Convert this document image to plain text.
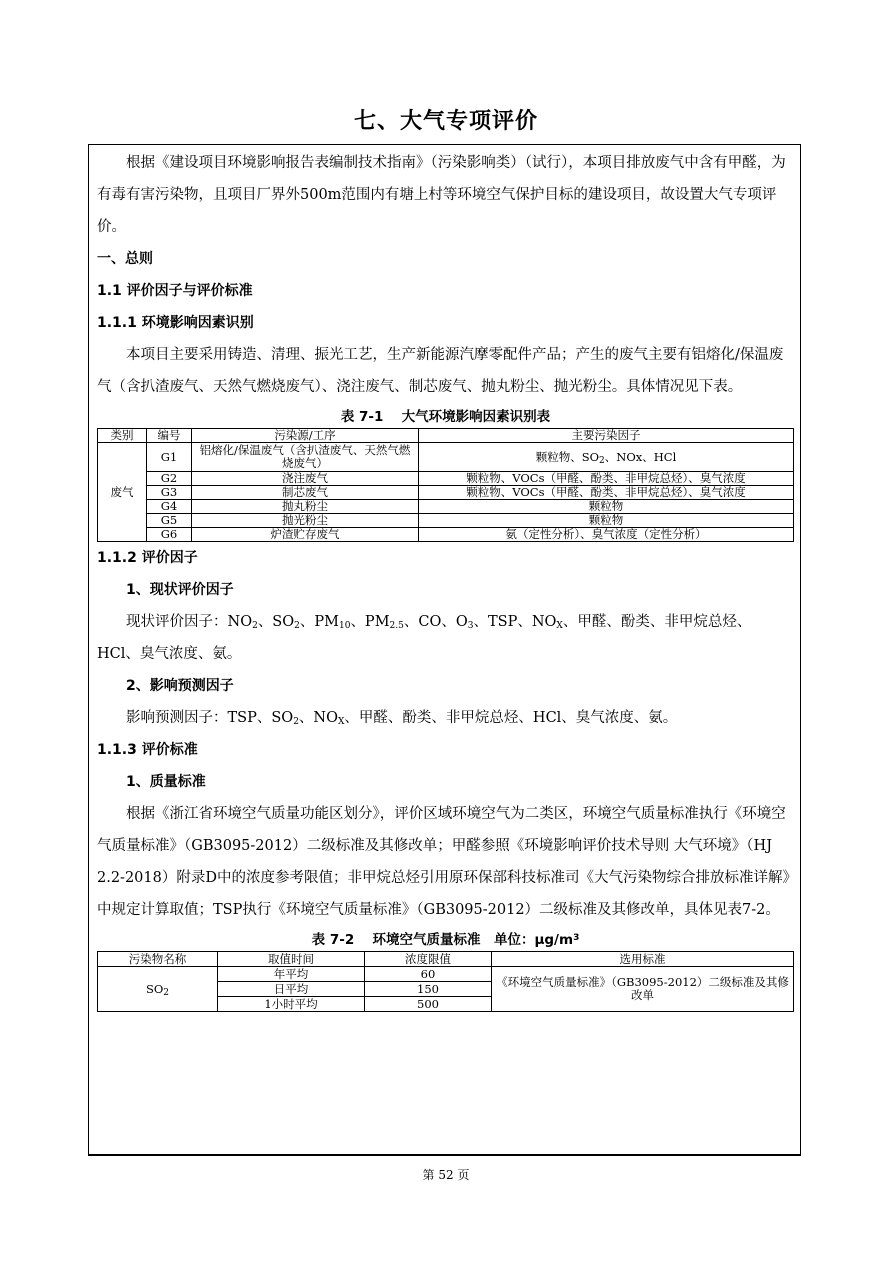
七、大气专项评价

根据《建设项目环境影响报告表编制技术指南》（污染影响类）（试行），本项目排放废气中含有甲醛，为有毒有害污染物，且项目厂界外500m范围内有塘上村等环境空气保护目标的建设项目，故设置大气专项评价。

一、总则

1.1 评价因子与评价标准

1.1.1 环境影响因素识别

本项目主要采用铸造、清理、振光工艺，生产新能源汽摩零配件产品；产生的废气主要有铝熔化/保温废气（含扒渣废气、天然气燃烧废气）、浇注废气、制芯废气、抛丸粉尘、抛光粉尘。具体情况见下表。

表 7-1　 大气环境影响因素识别表
类别	编号	污染源/工序	主要污染因子
废气	G1	铝熔化/保温废气（含扒渣废气、天然气燃烧废气）	颗粒物、$SO_2$、NOx、HCl
	G2	浇注废气	颗粒物、VOCs（甲醛、酚类、非甲烷总烃）、臭气浓度
	G3	制芯废气	颗粒物、VOCs（甲醛、酚类、非甲烷总烃）、臭气浓度
	G4	抛丸粉尘	颗粒物
	G5	抛光粉尘	颗粒物
	G6	炉渣贮存废气	氨（定性分析）、臭气浓度（定性分析）

1.1.2 评价因子

1、现状评价因子

现状评价因子：$NO_2$、$SO_2$、$PM_{10}$、$PM_{2.5}$、CO、$O_3$、TSP、$NO_X$、甲醛、酚类、非甲烷总烃、HCl、臭气浓度、氨。

2、影响预测因子

影响预测因子：TSP、$SO_2$、$NO_X$、甲醛、酚类、非甲烷总烃、HCl、臭气浓度、氨。

1.1.3 评价标准

1、质量标准

根据《浙江省环境空气质量功能区划分》，评价区域环境空气为二类区，环境空气质量标准执行《环境空气质量标准》（GB3095-2012）二级标准及其修改单；甲醛参照《环境影响评价技术导则 大气环境》（HJ 2.2-2018）附录D中的浓度参考限值；非甲烷总烃引用原环保部科技标准司《大气污染物综合排放标准详解》中规定计算取值；TSP执行《环境空气质量标准》（GB3095-2012）二级标准及其修改单，具体见表7-2。

表 7-2　 环境空气质量标准　单位：$\mu g/m^3$
污染物名称	取值时间	浓度限值	选用标准
$SO_2$	年平均	60	《环境空气质量标准》（GB3095-2012）二级标准及其修改单
	日平均	150	
	1小时平均	500	
第 52 页
